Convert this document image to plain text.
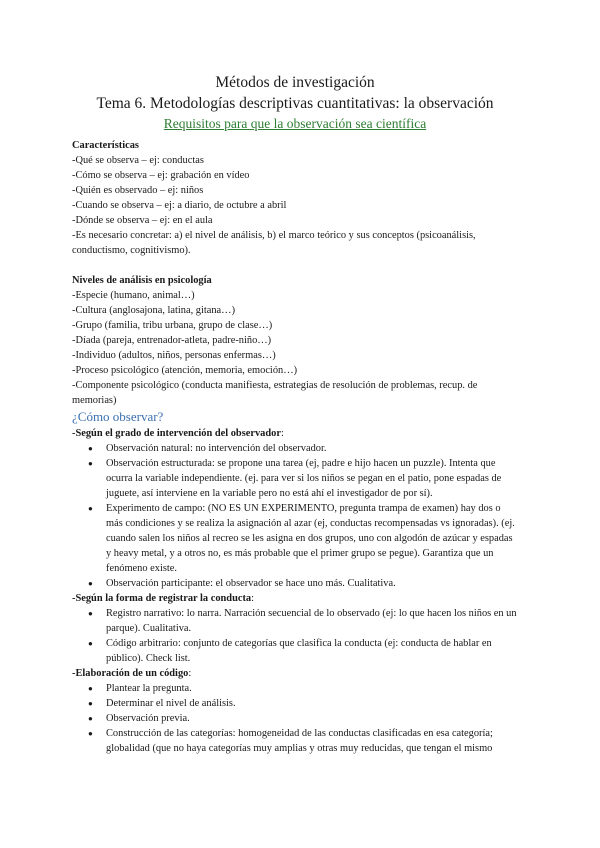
Métodos de investigación

Tema 6. Metodologías descriptivas cuantitativas: la observación

Requisitos para que la observación sea científica

Características

-Qué se observa – ej: conductas

-Cómo se observa – ej: grabación en vídeo

-Quién es observado – ej: niños

-Cuando se observa – ej: a diario, de octubre a abril

-Dónde se observa – ej: en el aula

-Es necesario concretar: a) el nivel de análisis, b) el marco teórico y sus conceptos (psicoanálisis, conductismo, cognitivismo).

Niveles de análisis en psicología

-Especie (humano, animal…)

-Cultura (anglosajona, latina, gitana…)

-Grupo (familia, tribu urbana, grupo de clase…)

-Díada (pareja, entrenador-atleta, padre-niño…)

-Individuo (adultos, niños, personas enfermas…)

-Proceso psicológico (atención, memoria, emoción…)

-Componente psicológico (conducta manifiesta, estrategias de resolución de problemas, recup. de memorias)

¿Cómo observar?

-Según el grado de intervención del observador:

● Observación natural: no intervención del observador.
● Observación estructurada: se propone una tarea (ej, padre e hijo hacen un puzzle). Intenta que ocurra la variable independiente. (ej. para ver si los niños se pegan en el patio, pone espadas de juguete, así interviene en la variable pero no está ahí el investigador de por sí).
● Experimento de campo: (NO ES UN EXPERIMENTO, pregunta trampa de examen) hay dos o más condiciones y se realiza la asignación al azar (ej, conductas recompensadas vs ignoradas). (ej. cuando salen los niños al recreo se les asigna en dos grupos, uno con algodón de azúcar y espadas y heavy metal, y a otros no, es más probable que el primer grupo se pegue). Garantiza que un fenómeno existe.
● Observación participante: el observador se hace uno más. Cualitativa.

-Según la forma de registrar la conducta:

● Registro narrativo: lo narra. Narración secuencial de lo observado (ej: lo que hacen los niños en un parque). Cualitativa.
● Código arbitrario: conjunto de categorías que clasifica la conducta (ej: conducta de hablar en público). Check list.

-Elaboración de un código:

● Plantear la pregunta.
● Determinar el nivel de análisis.
● Observación previa.
● Construcción de las categorías: homogeneidad de las conductas clasificadas en esa categoría; globalidad (que no haya categorías muy amplias y otras muy reducidas, que tengan el mismo
